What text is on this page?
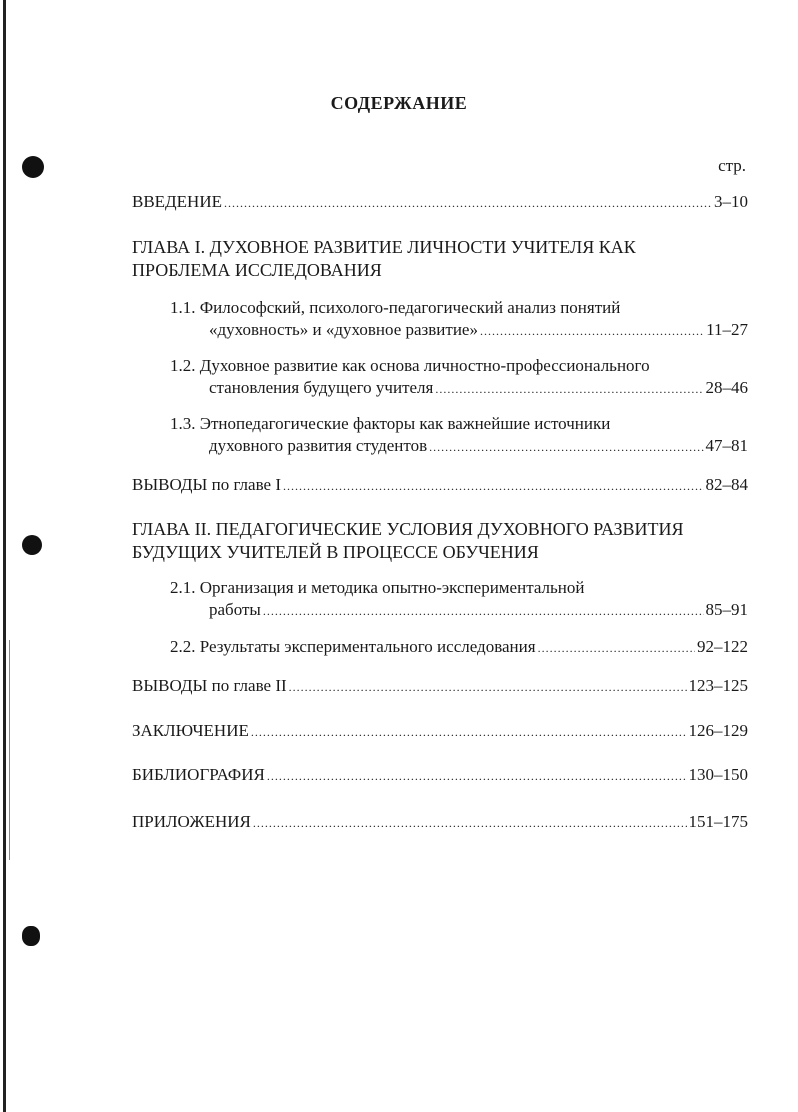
СОДЕРЖАНИЕ
стр.
ВВЕДЕНИЕ .....	3–10
ГЛАВА I. ДУХОВНОЕ РАЗВИТИЕ ЛИЧНОСТИ УЧИТЕЛЯ КАК
ПРОБЛЕМА ИССЛЕДОВАНИЯ
1.1. Философский, психолого-педагогический анализ понятий
«духовность» и «духовное развитие» .....	11–27
1.2. Духовное развитие как основа личностно-профессионального
становления будущего учителя .....	28–46
1.3. Этнопедагогические факторы как важнейшие источники
духовного развития студентов .....	47–81
ВЫВОДЫ по главе I .....	82–84
ГЛАВА II. ПЕДАГОГИЧЕСКИЕ УСЛОВИЯ ДУХОВНОГО РАЗВИТИЯ
БУДУЩИХ УЧИТЕЛЕЙ В ПРОЦЕССЕ ОБУЧЕНИЯ
2.1. Организация и методика опытно-экспериментальной
работы .....	85–91
2.2. Результаты экспериментального исследования .....	92–122
ВЫВОДЫ по главе II .....	123–125
ЗАКЛЮЧЕНИЕ .....	126–129
БИБЛИОГРАФИЯ .....	130–150
ПРИЛОЖЕНИЯ .....	151–175
